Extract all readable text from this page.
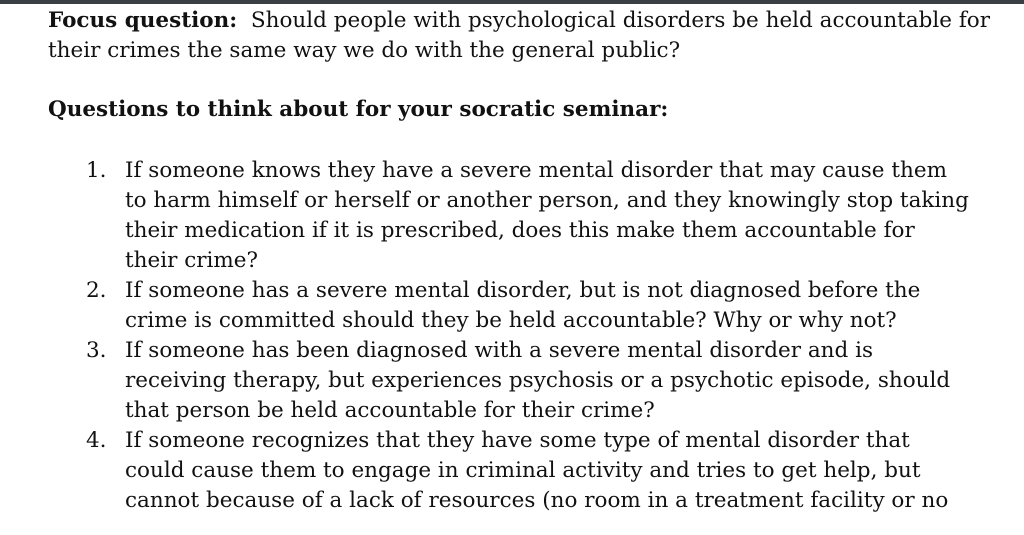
Focus question: Should people with psychological disorders be held accountable for their crimes the same way we do with the general public?

Questions to think about for your socratic seminar:
1. If someone knows they have a severe mental disorder that may cause them to harm himself or herself or another person, and they knowingly stop taking their medication if it is prescribed, does this make them accountable for their crime?
2. If someone has a severe mental disorder, but is not diagnosed before the crime is committed should they be held accountable? Why or why not?
3. If someone has been diagnosed with a severe mental disorder and is receiving therapy, but experiences psychosis or a psychotic episode, should that person be held accountable for their crime?
4. If someone recognizes that they have some type of mental disorder that could cause them to engage in criminal activity and tries to get help, but cannot because of a lack of resources (no room in a treatment facility or no
